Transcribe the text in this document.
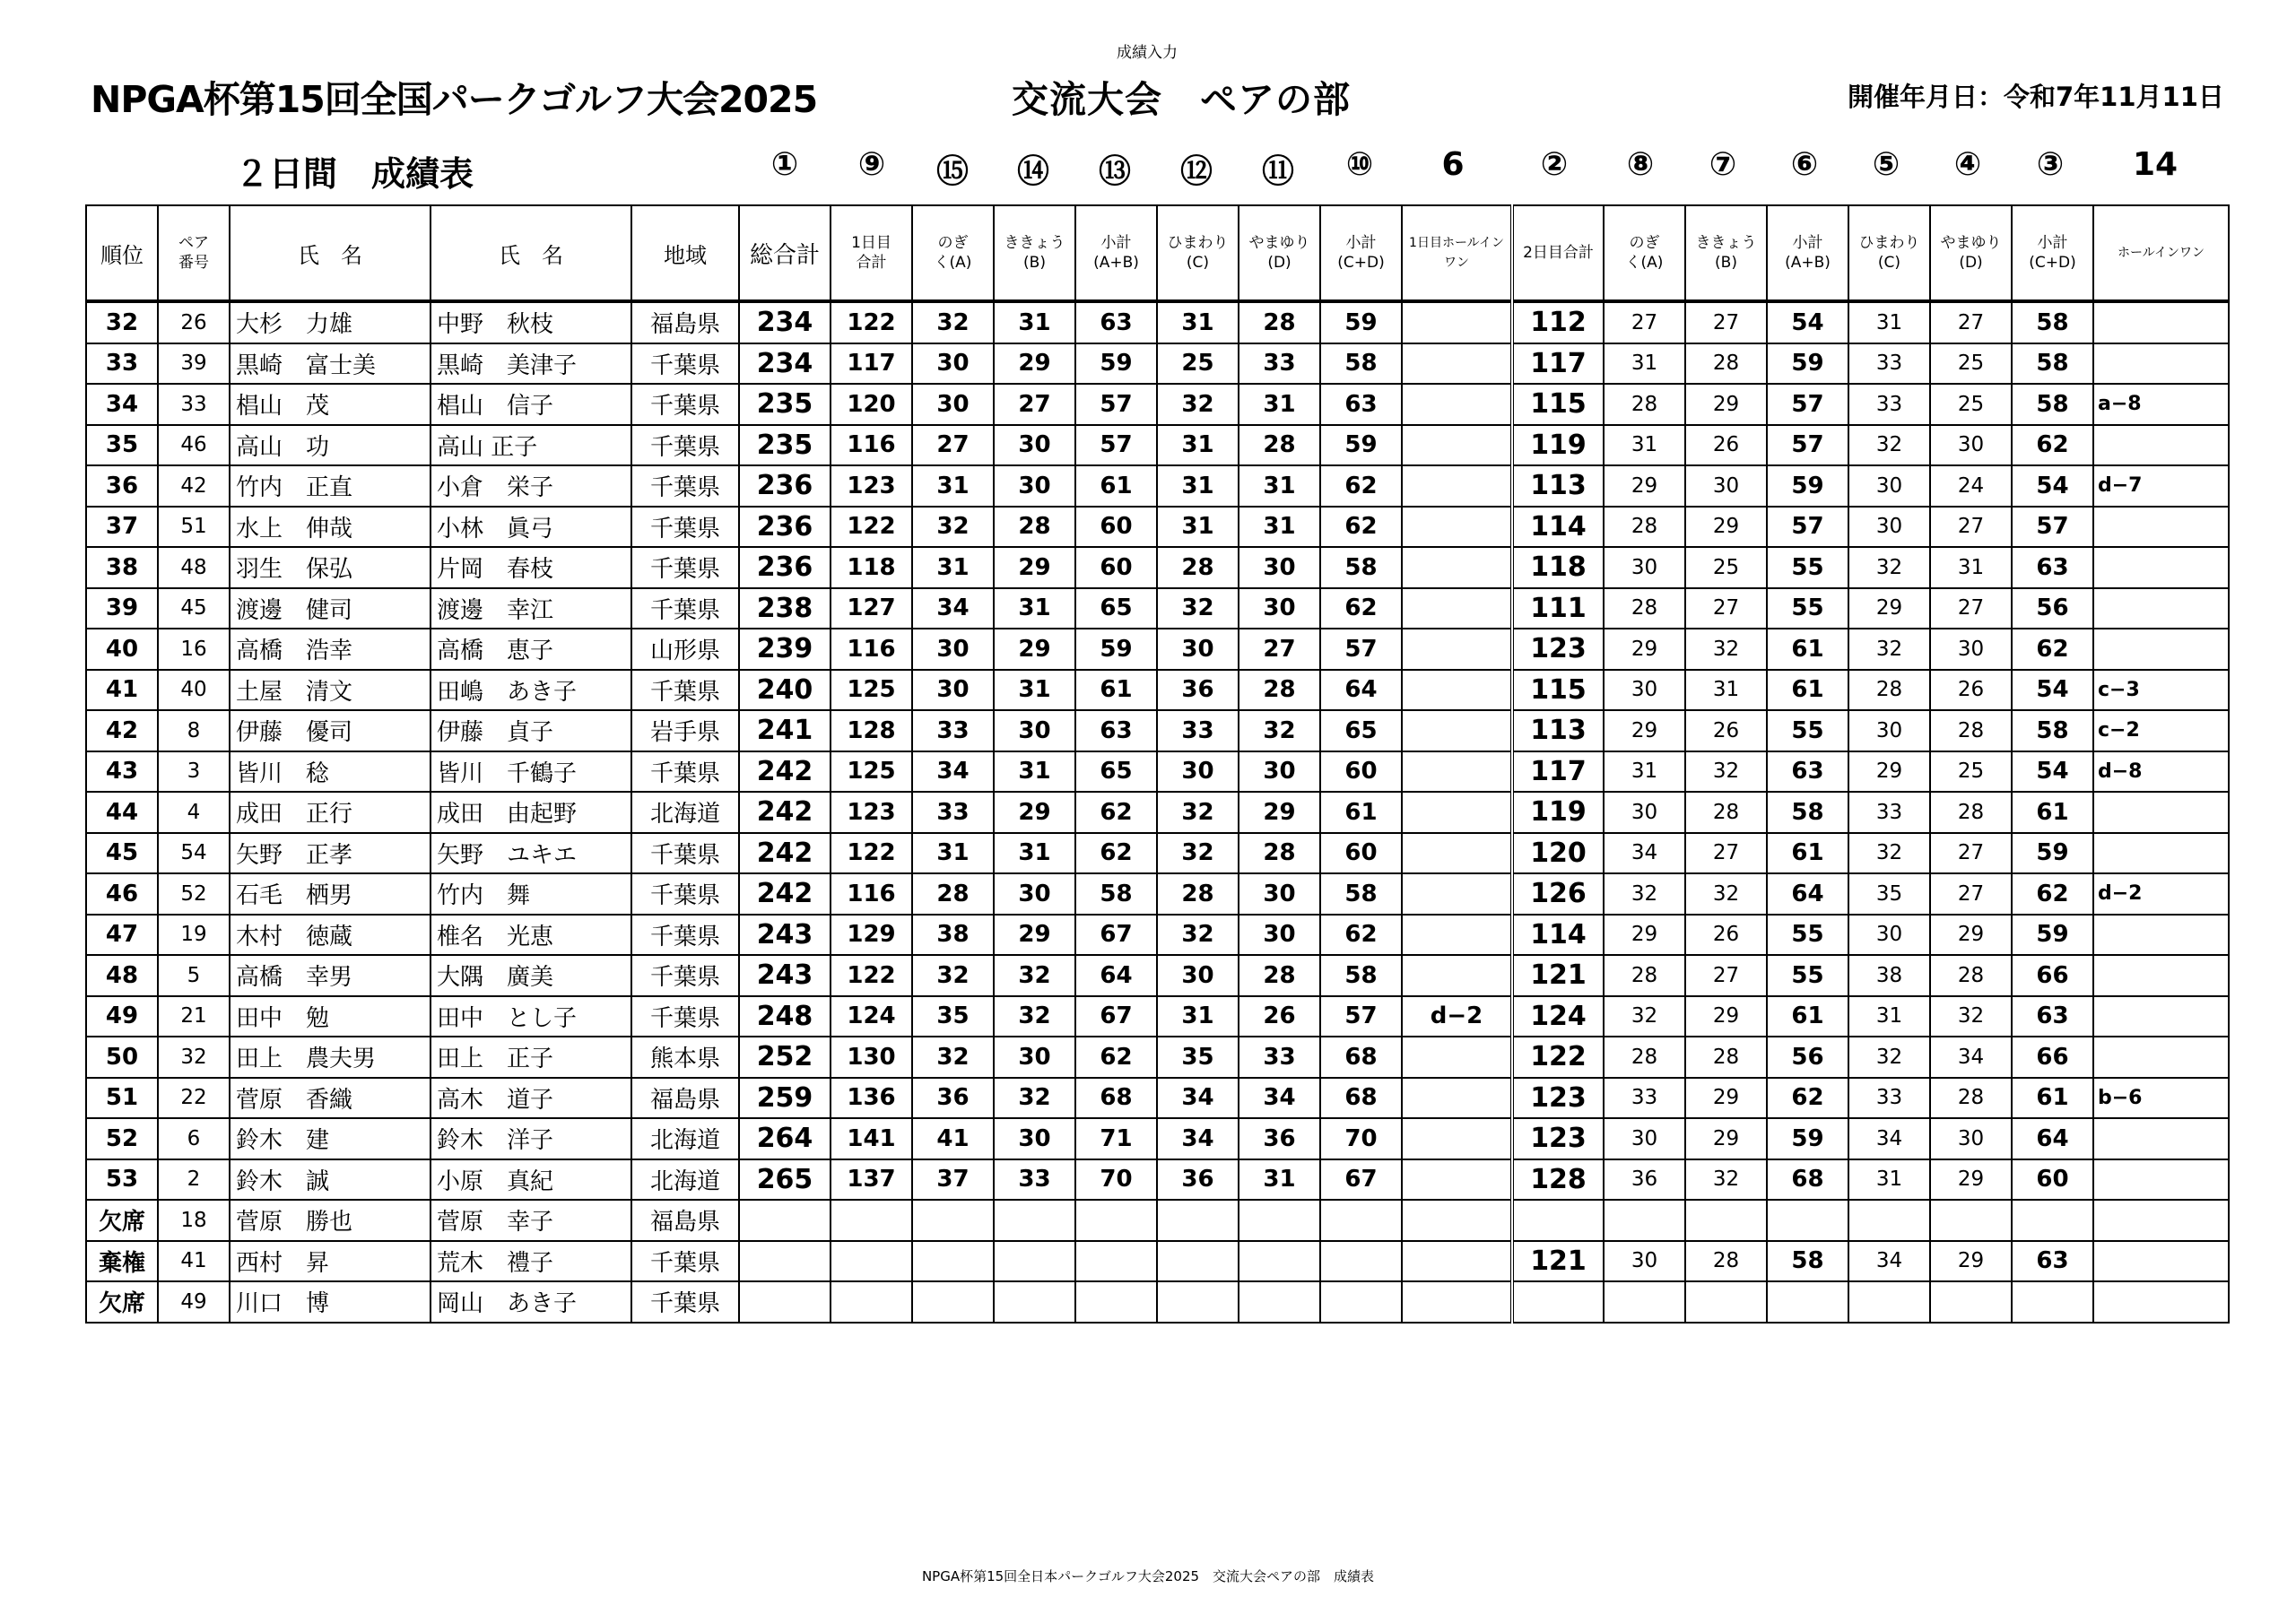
成績入力
NPGA杯第15回全国パークゴルフ大会2025	交流大会　ペアの部	開催年月日：令和7年11月11日
２日間　成績表	① ⑨ ⑮ ⑭ ⑬ ⑫ ⑪ ⑩ 6 ② ⑧ ⑦ ⑥ ⑤ ④ ③ 14
順位	ペア番号	氏　名	氏　名	地域	総合計	1日目合計	のぎく(A)	ききょう(B)	小計(A+B)	ひまわり(C)	やまゆり(D)	小計(C+D)	1日目ホールインワン	2日目合計	のぎく(A)	ききょう(B)	小計(A+B)	ひまわり(C)	やまゆり(D)	小計(C+D)	ホールインワン
32	26	大杉　力雄	中野　秋枝	福島県	234	122	32	31	63	31	28	59		112	27	27	54	31	27	58	
33	39	黒崎　富士美	黒崎　美津子	千葉県	234	117	30	29	59	25	33	58		117	31	28	59	33	25	58	
34	33	椙山　茂	椙山　信子	千葉県	235	120	30	27	57	32	31	63		115	28	29	57	33	25	58	a−8
35	46	高山　功	高山 正子	千葉県	235	116	27	30	57	31	28	59		119	31	26	57	32	30	62	
36	42	竹内　正直	小倉　栄子	千葉県	236	123	31	30	61	31	31	62		113	29	30	59	30	24	54	d−7
37	51	水上　伸哉	小林　眞弓	千葉県	236	122	32	28	60	31	31	62		114	28	29	57	30	27	57	
38	48	羽生　保弘	片岡　春枝	千葉県	236	118	31	29	60	28	30	58		118	30	25	55	32	31	63	
39	45	渡邊　健司	渡邊　幸江	千葉県	238	127	34	31	65	32	30	62		111	28	27	55	29	27	56	
40	16	高橋　浩幸	高橋　恵子	山形県	239	116	30	29	59	30	27	57		123	29	32	61	32	30	62	
41	40	土屋　清文	田嶋　あき子	千葉県	240	125	30	31	61	36	28	64		115	30	31	61	28	26	54	c−3
42	8	伊藤　優司	伊藤　貞子	岩手県	241	128	33	30	63	33	32	65		113	29	26	55	30	28	58	c−2
43	3	皆川　稔	皆川　千鶴子	千葉県	242	125	34	31	65	30	30	60		117	31	32	63	29	25	54	d−8
44	4	成田　正行	成田　由起野	北海道	242	123	33	29	62	32	29	61		119	30	28	58	33	28	61	
45	54	矢野　正孝	矢野　ユキエ	千葉県	242	122	31	31	62	32	28	60		120	34	27	61	32	27	59	
46	52	石毛　栖男	竹内　舞	千葉県	242	116	28	30	58	28	30	58		126	32	32	64	35	27	62	d−2
47	19	木村　徳蔵	椎名　光恵	千葉県	243	129	38	29	67	32	30	62		114	29	26	55	30	29	59	
48	5	高橋　幸男	大隅　廣美	千葉県	243	122	32	32	64	30	28	58		121	28	27	55	38	28	66	
49	21	田中　勉	田中　とし子	千葉県	248	124	35	32	67	31	26	57	d−2	124	32	29	61	31	32	63	
50	32	田上　農夫男	田上　正子	熊本県	252	130	32	30	62	35	33	68		122	28	28	56	32	34	66	
51	22	菅原　香織	高木　道子	福島県	259	136	36	32	68	34	34	68		123	33	29	62	33	28	61	b−6
52	6	鈴木　建	鈴木　洋子	北海道	264	141	41	30	71	34	36	70		123	30	29	59	34	30	64	
53	2	鈴木　誠	小原　真紀	北海道	265	137	37	33	70	36	31	67		128	36	32	68	31	29	60	
欠席	18	菅原　勝也	菅原　幸子	福島県																	
棄権	41	西村　昇	荒木　禮子	千葉県										121	30	28	58	34	29	63	
欠席	49	川口　博	岡山　あき子	千葉県																	
NPGA杯第15回全日本パークゴルフ大会2025　交流大会ペアの部　成績表
